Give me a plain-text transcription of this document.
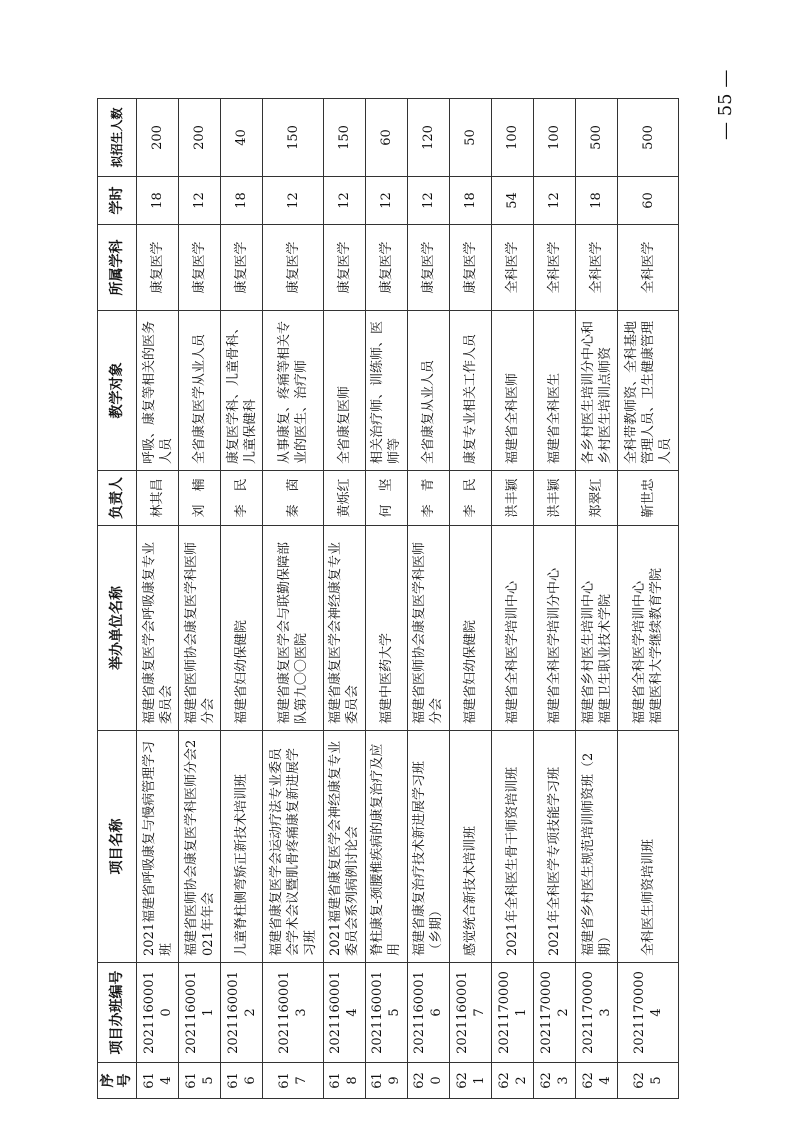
序号	项目办班编号	项目名称	举办单位名称	负责人	教学对象	所属学科	学时	拟招生人数
614	20211600010	2021福建省呼吸康复与慢病管理学习班	福建省康复医学会呼吸康复专业委员会	林其昌	呼吸、康复等相关的医务人员	康复医学	18	200
615	20211600011	福建省医师协会康复医学科医师分会2021年年会	福建省医师协会康复医学科医师分会	刘　楠	全省康复医学从业人员	康复医学	12	200
616	20211600012	儿童脊柱侧弯矫正新技术培训班	福建省妇幼保健院	李　民	康复医学科、儿童骨科、儿童保健科	康复医学	18	40
617	20211600013	福建省康复医学会运动疗法专业委员会学术会议暨肌骨疼痛康复新进展学习班	福建省康复医学会与联勤保障部队第九〇〇医院	秦　茵	从事康复、疼痛等相关专业的医生、治疗师	康复医学	12	150
618	20211600014	2021福建省康复医学会神经康复专业委员会系列病例讨论会	福建省康复医学会神经康复专业委员会	黄烁红	全省康复医师	康复医学	12	150
619	20211600015	脊柱康复-颈腰椎疾病的康复治疗及应用	福建中医药大学	何　坚	相关治疗师、训练师、医师等	康复医学	12	60
620	20211600016	福建省康复治疗技术新进展学习班（乡期）	福建省医师协会康复医学科医师分会	李　青	全省康复从业人员	康复医学	12	120
621	20211600017	感觉统合新技术培训班	福建省妇幼保健院	李　民	康复专业相关工作人员	康复医学	18	50
622	20211700001	2021年全科医生骨干师资培训班	福建省全科医学培训中心	洪丰颖	福建省全科医师	全科医学	54	100
623	20211700002	2021年全科医学专项技能学习班	福建省全科医学培训分中心	洪丰颖	福建省全科医生	全科医学	12	100
624	20211700003	福建省乡村医生规范培训师资班（2期）	福建省乡村医生培训中心 福建卫生职业技术学院	郑翠红	各乡村医生培训分中心和乡村医生培训点师资	全科医学	18	500
625	20211700004	全科医生师资培训班	福建省全科医学培训中心 福建医科大学继续教育学院	靳世忠	全科带教师资、全科基地管理人员、卫生健康管理人员	全科医学	60	500	— 55 —
